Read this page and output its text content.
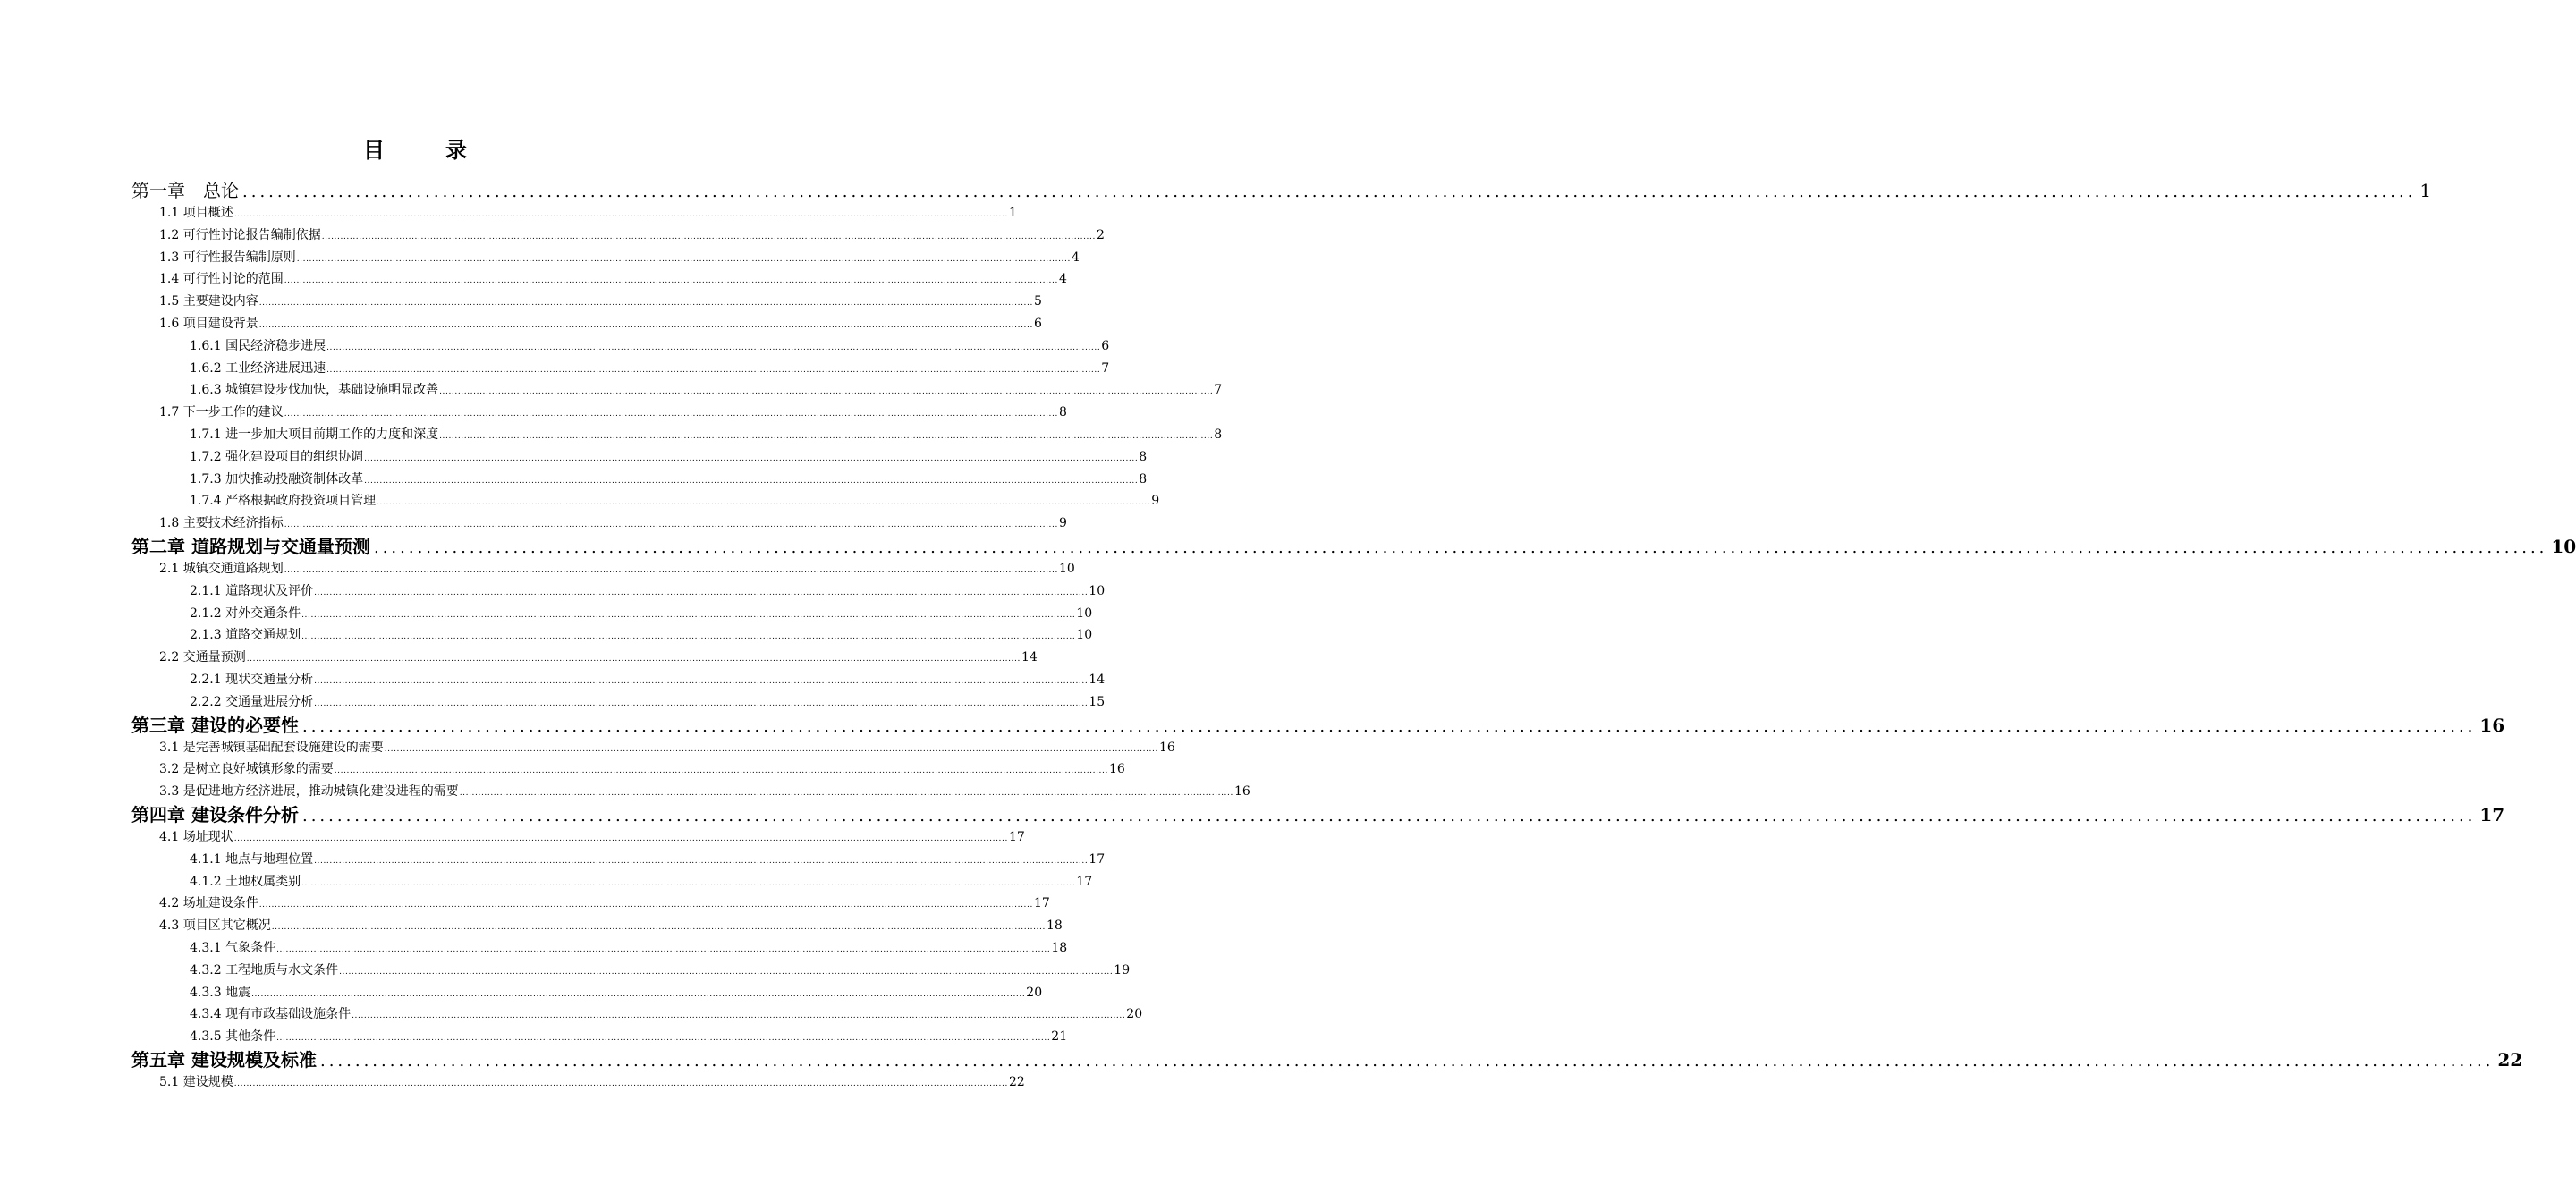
目　录
第一章　总论 .......................................................................................................................................................................................................................................................... 1
1.1 项目概述 .......................................................................................................................................................................................................................................................... 1
1.2 可行性讨论报告编制依据 .......................................................................................................................................................................................................................................................... 2
1.3 可行性报告编制原则 .......................................................................................................................................................................................................................................................... 4
1.4 可行性讨论的范围 .......................................................................................................................................................................................................................................................... 4
1.5 主要建设内容 .......................................................................................................................................................................................................................................................... 5
1.6 项目建设背景 .......................................................................................................................................................................................................................................................... 6
1.6.1 国民经济稳步进展 .......................................................................................................................................................................................................................................................... 6
1.6.2 工业经济进展迅速 .......................................................................................................................................................................................................................................................... 7
1.6.3 城镇建设步伐加快，基础设施明显改善 .......................................................................................................................................................................................................................................................... 7
1.7 下一步工作的建议 .......................................................................................................................................................................................................................................................... 8
1.7.1 进一步加大项目前期工作的力度和深度 .......................................................................................................................................................................................................................................................... 8
1.7.2 强化建设项目的组织协调 .......................................................................................................................................................................................................................................................... 8
1.7.3 加快推动投融资制体改革 .......................................................................................................................................................................................................................................................... 8
1.7.4 严格根据政府投资项目管理 .......................................................................................................................................................................................................................................................... 9
1.8 主要技术经济指标 .......................................................................................................................................................................................................................................................... 9
第二章 道路规划与交通量预测 .......................................................................................................................................................................................................................................................... 10
2.1 城镇交通道路规划 .......................................................................................................................................................................................................................................................... 10
2.1.1 道路现状及评价 .......................................................................................................................................................................................................................................................... 10
2.1.2 对外交通条件 .......................................................................................................................................................................................................................................................... 10
2.1.3 道路交通规划 .......................................................................................................................................................................................................................................................... 10
2.2 交通量预测 .......................................................................................................................................................................................................................................................... 14
2.2.1 现状交通量分析 .......................................................................................................................................................................................................................................................... 14
2.2.2 交通量进展分析 .......................................................................................................................................................................................................................................................... 15
第三章 建设的必要性 .......................................................................................................................................................................................................................................................... 16
3.1 是完善城镇基础配套设施建设的需要 .......................................................................................................................................................................................................................................................... 16
3.2 是树立良好城镇形象的需要 .......................................................................................................................................................................................................................................................... 16
3.3 是促进地方经济进展，推动城镇化建设进程的需要 .......................................................................................................................................................................................................................................................... 16
第四章 建设条件分析 .......................................................................................................................................................................................................................................................... 17
4.1 场址现状 .......................................................................................................................................................................................................................................................... 17
4.1.1 地点与地理位置 .......................................................................................................................................................................................................................................................... 17
4.1.2 土地权属类别 .......................................................................................................................................................................................................................................................... 17
4.2 场址建设条件 .......................................................................................................................................................................................................................................................... 17
4.3 项目区其它概况 .......................................................................................................................................................................................................................................................... 18
4.3.1 气象条件 .......................................................................................................................................................................................................................................................... 18
4.3.2 工程地质与水文条件 .......................................................................................................................................................................................................................................................... 19
4.3.3 地震 .......................................................................................................................................................................................................................................................... 20
4.3.4 现有市政基础设施条件 .......................................................................................................................................................................................................................................................... 20
4.3.5 其他条件 .......................................................................................................................................................................................................................................................... 21
第五章 建设规模及标准 .......................................................................................................................................................................................................................................................... 22
5.1 建设规模 .......................................................................................................................................................................................................................................................... 22
